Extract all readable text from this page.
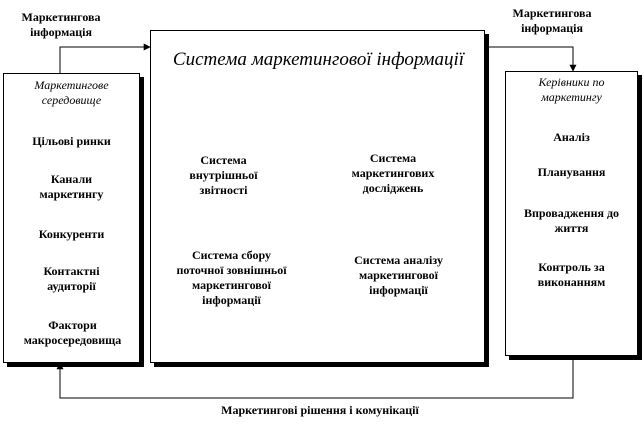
Маркетингова інформація
Маркетингова інформація
Маркетингове середовище
Цільові ринки
Канали маркетингу
Конкуренти
Контактні аудиторії
Фактори макросередовища
Система маркетингової інформації
Система внутрішньої звітності
Система маркетингових досліджень
Система сбору поточної зовнішньої маркетингової інформації
Система аналізу маркетингової інформації
Керівники по маркетингу
Аналіз
Планування
Впровадження до життя
Контроль за виконанням
Маркетингові рішення і комунікації
